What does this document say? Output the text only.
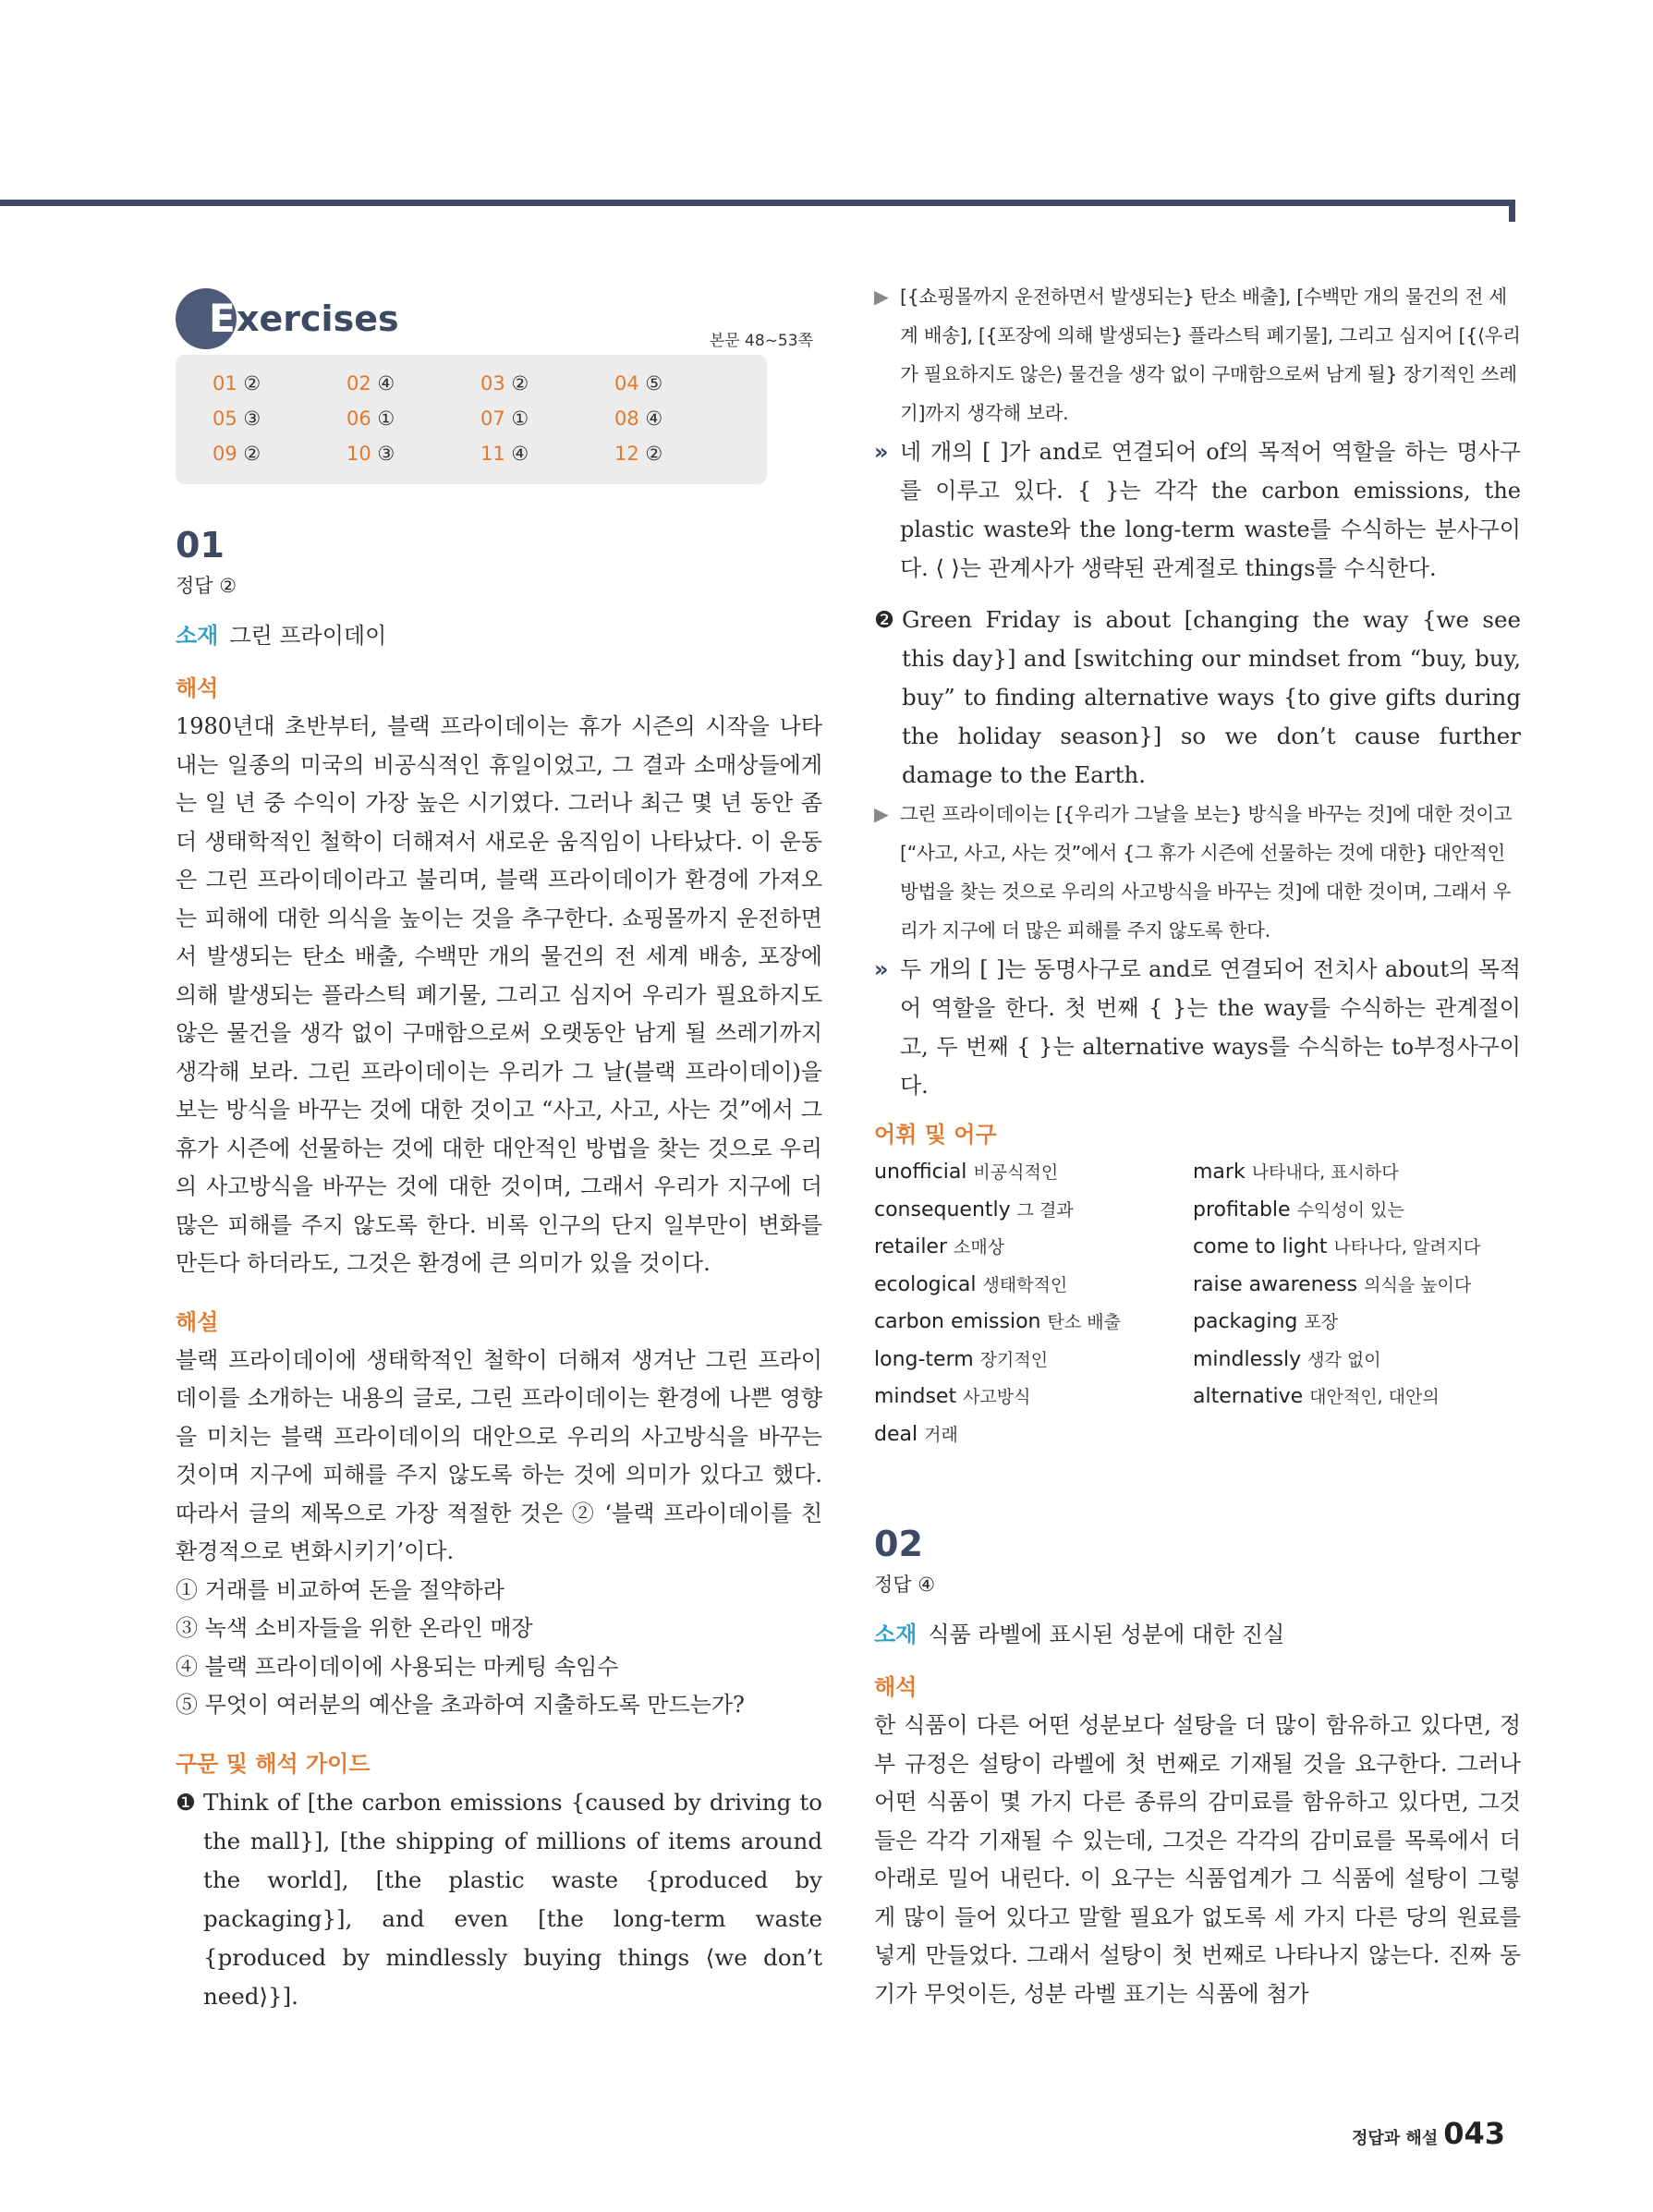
E xercises
본문 48~53쪽
01 ②	02 ④	03 ②	04 ⑤
05 ③	06 ①	07 ①	08 ④
09 ②	10 ③	11 ④	12 ②
01
정답 ②
소재 그린 프라이데이
해석

1980년대 초반부터, 블랙 프라이데이는 휴가 시즌의 시작을 나타내는 일종의 미국의 비공식적인 휴일이었고, 그 결과 소매상들에게는 일 년 중 수익이 가장 높은 시기였다. 그러나 최근 몇 년 동안 좀 더 생태학적인 철학이 더해져서 새로운 움직임이 나타났다. 이 운동은 그린 프라이데이라고 불리며, 블랙 프라이데이가 환경에 가져오는 피해에 대한 의식을 높이는 것을 추구한다. 쇼핑몰까지 운전하면서 발생되는 탄소 배출, 수백만 개의 물건의 전 세계 배송, 포장에 의해 발생되는 플라스틱 폐기물, 그리고 심지어 우리가 필요하지도 않은 물건을 생각 없이 구매함으로써 오랫동안 남게 될 쓰레기까지 생각해 보라. 그린 프라이데이는 우리가 그 날(블랙 프라이데이)을 보는 방식을 바꾸는 것에 대한 것이고 “사고, 사고, 사는 것”에서 그 휴가 시즌에 선물하는 것에 대한 대안적인 방법을 찾는 것으로 우리의 사고방식을 바꾸는 것에 대한 것이며, 그래서 우리가 지구에 더 많은 피해를 주지 않도록 한다. 비록 인구의 단지 일부만이 변화를 만든다 하더라도, 그것은 환경에 큰 의미가 있을 것이다.

해설

블랙 프라이데이에 생태학적인 철학이 더해져 생겨난 그린 프라이데이를 소개하는 내용의 글로, 그린 프라이데이는 환경에 나쁜 영향을 미치는 블랙 프라이데이의 대안으로 우리의 사고방식을 바꾸는 것이며 지구에 피해를 주지 않도록 하는 것에 의미가 있다고 했다. 따라서 글의 제목으로 가장 적절한 것은 ② ‘블랙 프라이데이를 친환경적으로 변화시키기’이다.

① 거래를 비교하여 돈을 절약하라

③ 녹색 소비자들을 위한 온라인 매장

④ 블랙 프라이데이에 사용되는 마케팅 속임수

⑤ 무엇이 여러분의 예산을 초과하여 지출하도록 만드는가?

구문 및 해석 가이드
❶ Think of [the carbon emissions {caused by driving to the mall}], [the shipping of millions of items around the world], [the plastic waste {produced by packaging}], and even [the long-term waste {produced by mindlessly buying things ⟨we don’t need⟩}].
▶ [{쇼핑몰까지 운전하면서 발생되는} 탄소 배출], [수백만 개의 물건의 전 세계 배송], [{포장에 의해 발생되는} 플라스틱 폐기물], 그리고 심지어 [{⟨우리가 필요하지도 않은⟩ 물건을 생각 없이 구매함으로써 남게 될} 장기적인 쓰레기]까지 생각해 보라.
» 네 개의 [ ]가 and로 연결되어 of의 목적어 역할을 하는 명사구를 이루고 있다. { }는 각각 the carbon emissions, the plastic waste와 the long-term waste를 수식하는 분사구이다. ⟨ ⟩는 관계사가 생략된 관계절로 things를 수식한다.
❷ Green Friday is about [changing the way {we see this day}] and [switching our mindset from “buy, buy, buy” to finding alternative ways {to give gifts during the holiday season}] so we don’t cause further damage to the Earth.
▶ 그린 프라이데이는 [{우리가 그날을 보는} 방식을 바꾸는 것]에 대한 것이고 [“사고, 사고, 사는 것”에서 {그 휴가 시즌에 선물하는 것에 대한} 대안적인 방법을 찾는 것으로 우리의 사고방식을 바꾸는 것]에 대한 것이며, 그래서 우리가 지구에 더 많은 피해를 주지 않도록 한다.
» 두 개의 [ ]는 동명사구로 and로 연결되어 전치사 about의 목적어 역할을 한다. 첫 번째 { }는 the way를 수식하는 관계절이고, 두 번째 { }는 alternative ways를 수식하는 to부정사구이다.
어휘 및 어구
unofficial 비공식적인	mark 나타내다, 표시하다
consequently 그 결과	profitable 수익성이 있는
retailer 소매상	come to light 나타나다, 알려지다
ecological 생태학적인	raise awareness 의식을 높이다
carbon emission 탄소 배출	packaging 포장
long-term 장기적인	mindlessly 생각 없이
mindset 사고방식	alternative 대안적인, 대안의
deal 거래
02
정답 ④
소재 식품 라벨에 표시된 성분에 대한 진실
해석

한 식품이 다른 어떤 성분보다 설탕을 더 많이 함유하고 있다면, 정부 규정은 설탕이 라벨에 첫 번째로 기재될 것을 요구한다. 그러나 어떤 식품이 몇 가지 다른 종류의 감미료를 함유하고 있다면, 그것들은 각각 기재될 수 있는데, 그것은 각각의 감미료를 목록에서 더 아래로 밀어 내린다. 이 요구는 식품업계가 그 식품에 설탕이 그렇게 많이 들어 있다고 말할 필요가 없도록 세 가지 다른 당의 원료를 넣게 만들었다. 그래서 설탕이 첫 번째로 나타나지 않는다. 진짜 동기가 무엇이든, 성분 라벨 표기는 식품에 첨가

정답과 해설 043
